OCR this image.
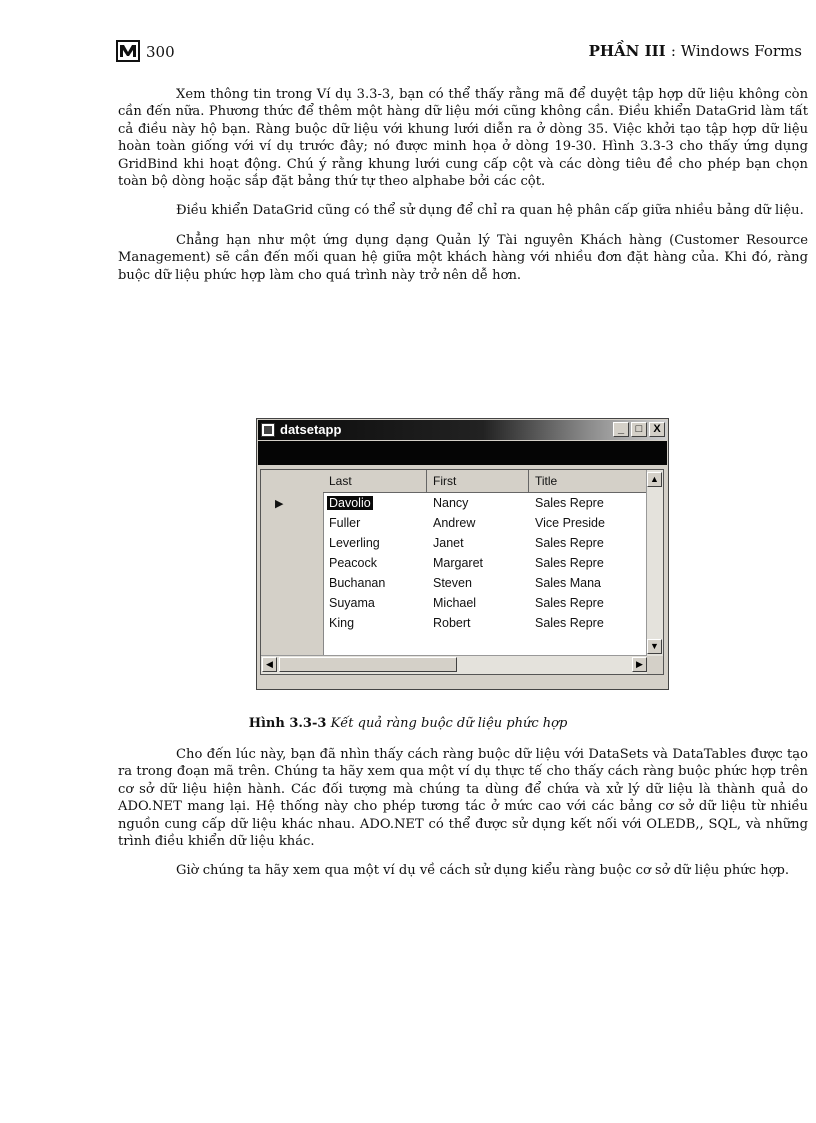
300	PHẦN III : Windows Forms

Xem thông tin trong Ví dụ 3.3-3, bạn có thể thấy rằng mã để duyệt tập hợp dữ liệu không còn cần đến nữa. Phương thức để thêm một hàng dữ liệu mới cũng không cần. Điều khiển DataGrid làm tất cả điều này hộ bạn. Ràng buộc dữ liệu với khung lưới diễn ra ở dòng 35. Việc khởi tạo tập hợp dữ liệu hoàn toàn giống với ví dụ trước đây; nó được minh họa ở dòng 19-30. Hình 3.3-3 cho thấy ứng dụng GridBind khi hoạt động. Chú ý rằng khung lưới cung cấp cột và các dòng tiêu đề cho phép bạn chọn toàn bộ dòng hoặc sắp đặt bảng thứ tự theo alphabe bởi các cột.

Điều khiển DataGrid cũng có thể sử dụng để chỉ ra quan hệ phân cấp giữa nhiều bảng dữ liệu.

Chẳng hạn như một ứng dụng dạng Quản lý Tài nguyên Khách hàng (Customer Resource Management) sẽ cần đến mối quan hệ giữa một khách hàng với nhiều đơn đặt hàng của. Khi đó, ràng buộc dữ liệu phức hợp làm cho quá trình này trở nên dễ hơn.

datsetapp	_	□	X
Last	First	Title
▶	Davolio	Nancy	Sales Repre
Fuller	Andrew	Vice Preside
Leverling	Janet	Sales Repre
Peacock	Margaret	Sales Repre
Buchanan	Steven	Sales Mana
Suyama	Michael	Sales Repre
King	Robert	Sales Repre
▲
▼
◀	▶
Hình 3.3-3 Kết quả ràng buộc dữ liệu phức hợp

Cho đến lúc này, bạn đã nhìn thấy cách ràng buộc dữ liệu với DataSets và DataTables được tạo ra trong đoạn mã trên. Chúng ta hãy xem qua một ví dụ thực tế cho thấy cách ràng buộc phức hợp trên cơ sở dữ liệu hiện hành. Các đối tượng mà chúng ta dùng để chứa và xử lý dữ liệu là thành quả do ADO.NET mang lại. Hệ thống này cho phép tương tác ở mức cao với các bảng cơ sở dữ liệu từ nhiều nguồn cung cấp dữ liệu khác nhau. ADO.NET có thể được sử dụng kết nối với OLEDB,, SQL, và những trình điều khiển dữ liệu khác.

Giờ chúng ta hãy xem qua một ví dụ về cách sử dụng kiểu ràng buộc cơ sở dữ liệu phức hợp.
